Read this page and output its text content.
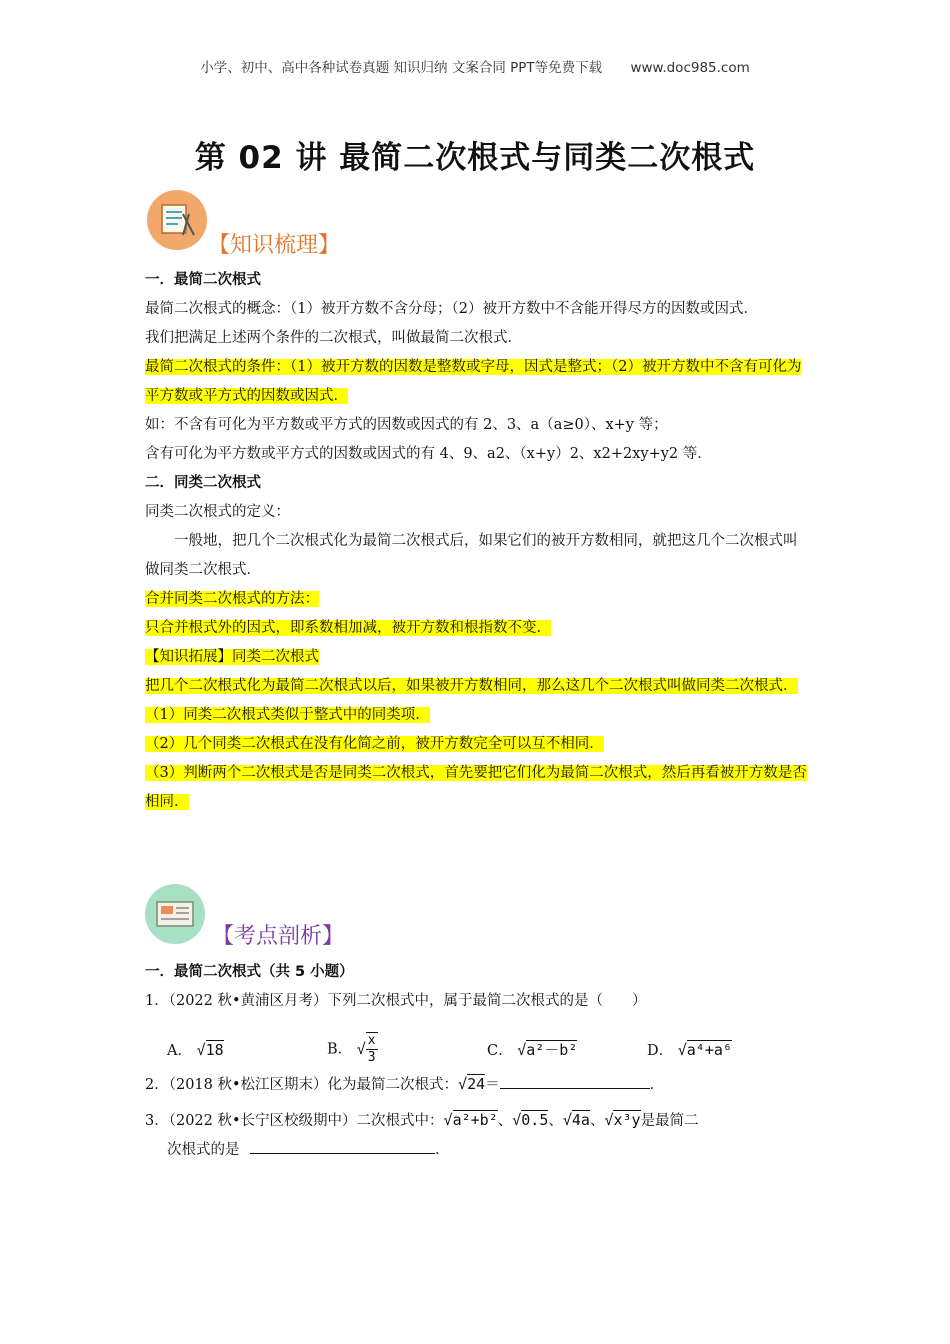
小学、初中、高中各种试卷真题 知识归纳 文案合同 PPT等免费下载 www.doc985.com
第 02 讲 最简二次根式与同类二次根式
【知识梳理】
一．最简二次根式
最简二次根式的概念：（1）被开方数不含分母；（2）被开方数中不含能开得尽方的因数或因式．
我们把满足上述两个条件的二次根式，叫做最简二次根式．
最简二次根式的条件：（1）被开方数的因数是整数或字母，因式是整式；（2）被开方数中不含有可化为平方数或平方式的因数或因式．
如：不含有可化为平方数或平方式的因数或因式的有 2、3、a（a≥0）、x+y 等；
含有可化为平方数或平方式的因数或因式的有 4、9、a2、（x+y）2、x2+2xy+y2 等．
二．同类二次根式
同类二次根式的定义：
一般地，把几个二次根式化为最简二次根式后，如果它们的被开方数相同，就把这几个二次根式叫做同类二次根式．
合并同类二次根式的方法：
只合并根式外的因式，即系数相加减，被开方数和根指数不变．
【知识拓展】同类二次根式
把几个二次根式化为最简二次根式以后，如果被开方数相同，那么这几个二次根式叫做同类二次根式．
（1）同类二次根式类似于整式中的同类项．
（2）几个同类二次根式在没有化简之前，被开方数完全可以互不相同．
（3）判断两个二次根式是否是同类二次根式，首先要把它们化为最简二次根式，然后再看被开方数是否相同．
【考点剖析】
一．最简二次根式（共 5 小题）
1．（2022 秋•黄浦区月考）下列二次根式中，属于最简二次根式的是（　　）
A． √18	B． √ $\frac{x}{3}$	C． √a²－b²	D． √a⁴+a⁶
2．（2018 秋•松江区期末）化为最简二次根式：√24＝	．
3．（2022 秋•长宁区校级期中）二次根式中：√a²+b²、√0.5、√4a、√x³y是最简二
次根式的是	．
